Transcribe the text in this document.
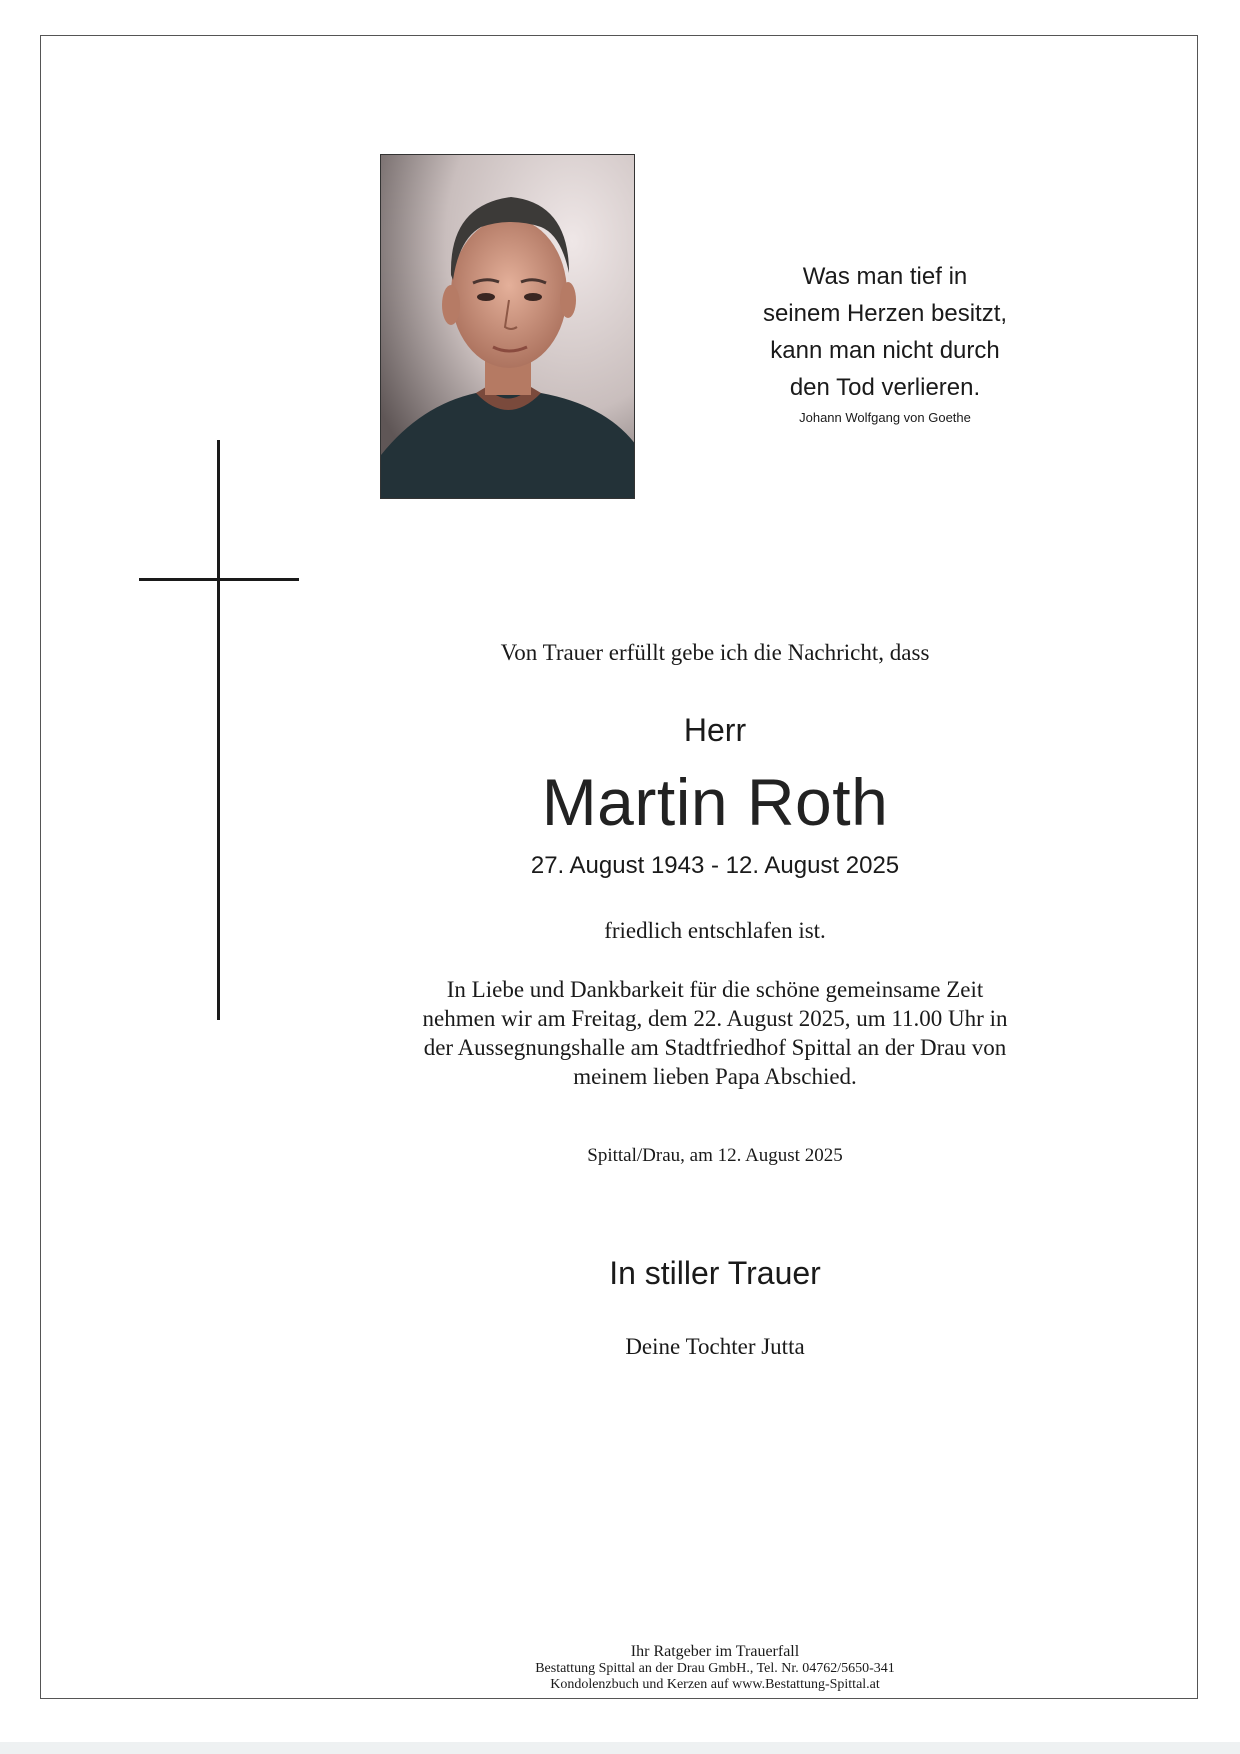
Was man tief in
seinem Herzen besitzt,
kann man nicht durch
den Tod verlieren.
Johann Wolfgang von Goethe
Von Trauer erfüllt gebe ich die Nachricht, dass
Herr
Martin Roth
27. August 1943 - 12. August 2025
friedlich entschlafen ist.
In Liebe und Dankbarkeit für die schöne gemeinsame Zeit
nehmen wir am Freitag, dem 22. August 2025, um 11.00 Uhr in
der Aussegnungshalle am Stadtfriedhof Spittal an der Drau von
meinem lieben Papa Abschied.
Spittal/Drau, am 12. August 2025
In stiller Trauer
Deine Tochter Jutta
Ihr Ratgeber im Trauerfall
Bestattung Spittal an der Drau GmbH., Tel. Nr. 04762/5650-341
Kondolenzbuch und Kerzen auf www.Bestattung-Spittal.at
